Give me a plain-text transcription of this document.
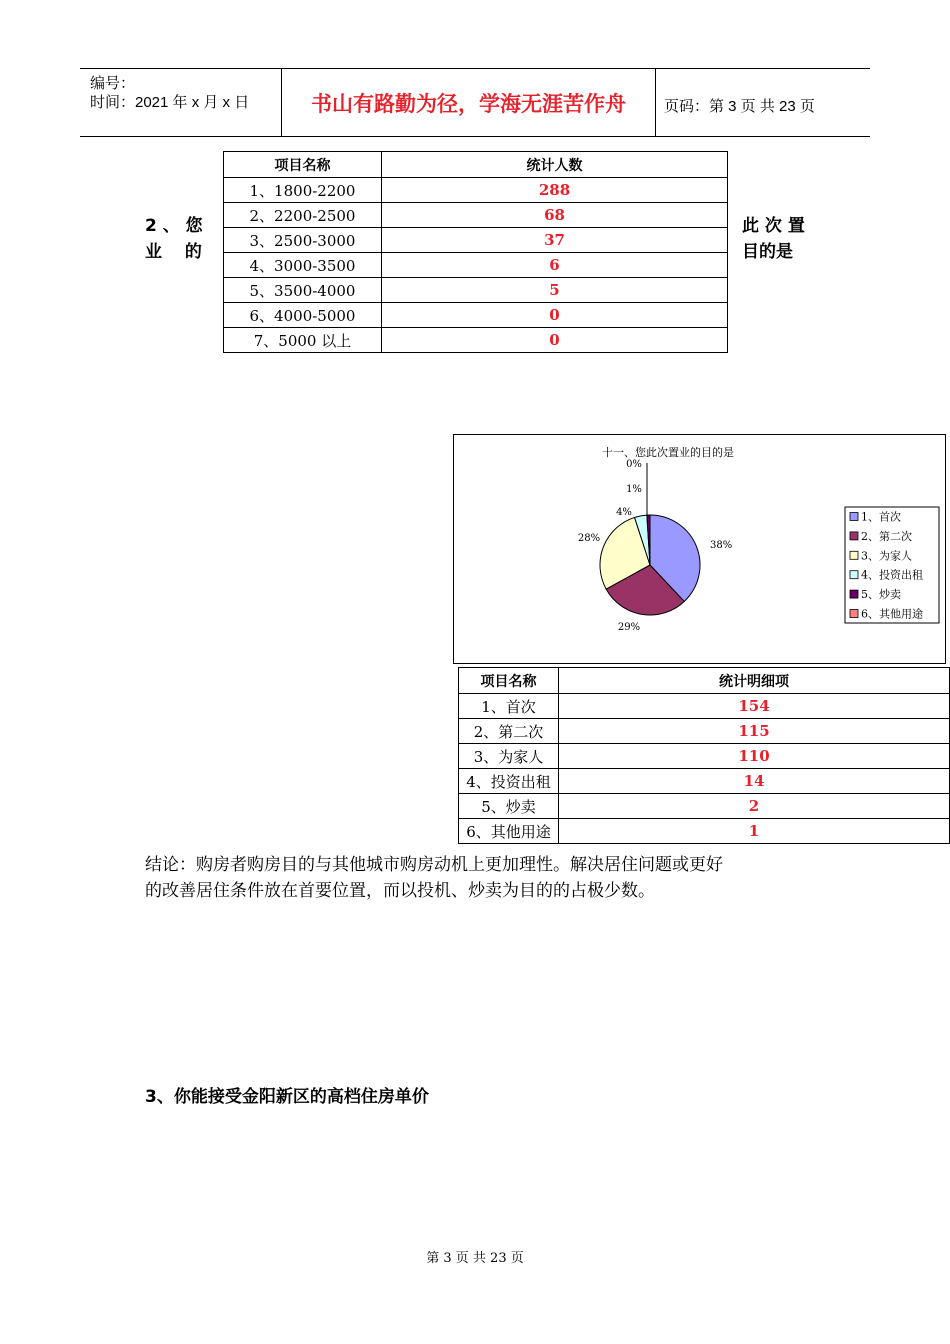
编号：
时间：2021 年 x 月 x 日	书山有路勤为径，学海无涯苦作舟	页码：第 3 页 共 23 页
2 、 您
业　 的
此 次 置
目的是
项目名称	统计人数
1、1800-2200	288
2、2200-2500	68
3、2500-3000	37
4、3000-3500	6
5、3500-4000	5
6、4000-5000	0
7、5000 以上	0
十一、您此次置业的目的是
38%
29%
28%
4%
1%
0%
1、首次
2、第二次
3、为家人
4、投资出租
5、炒卖
6、其他用途
项目名称	统计明细项
1、首次	154
2、第二次	115
3、为家人	110
4、投资出租	14
5、炒卖	2
6、其他用途	1
结论：购房者购房目的与其他城市购房动机上更加理性。解决居住问题或更好
的改善居住条件放在首要位置，而以投机、炒卖为目的的占极少数。
3、你能接受金阳新区的高档住房单价
第 3 页 共 23 页
